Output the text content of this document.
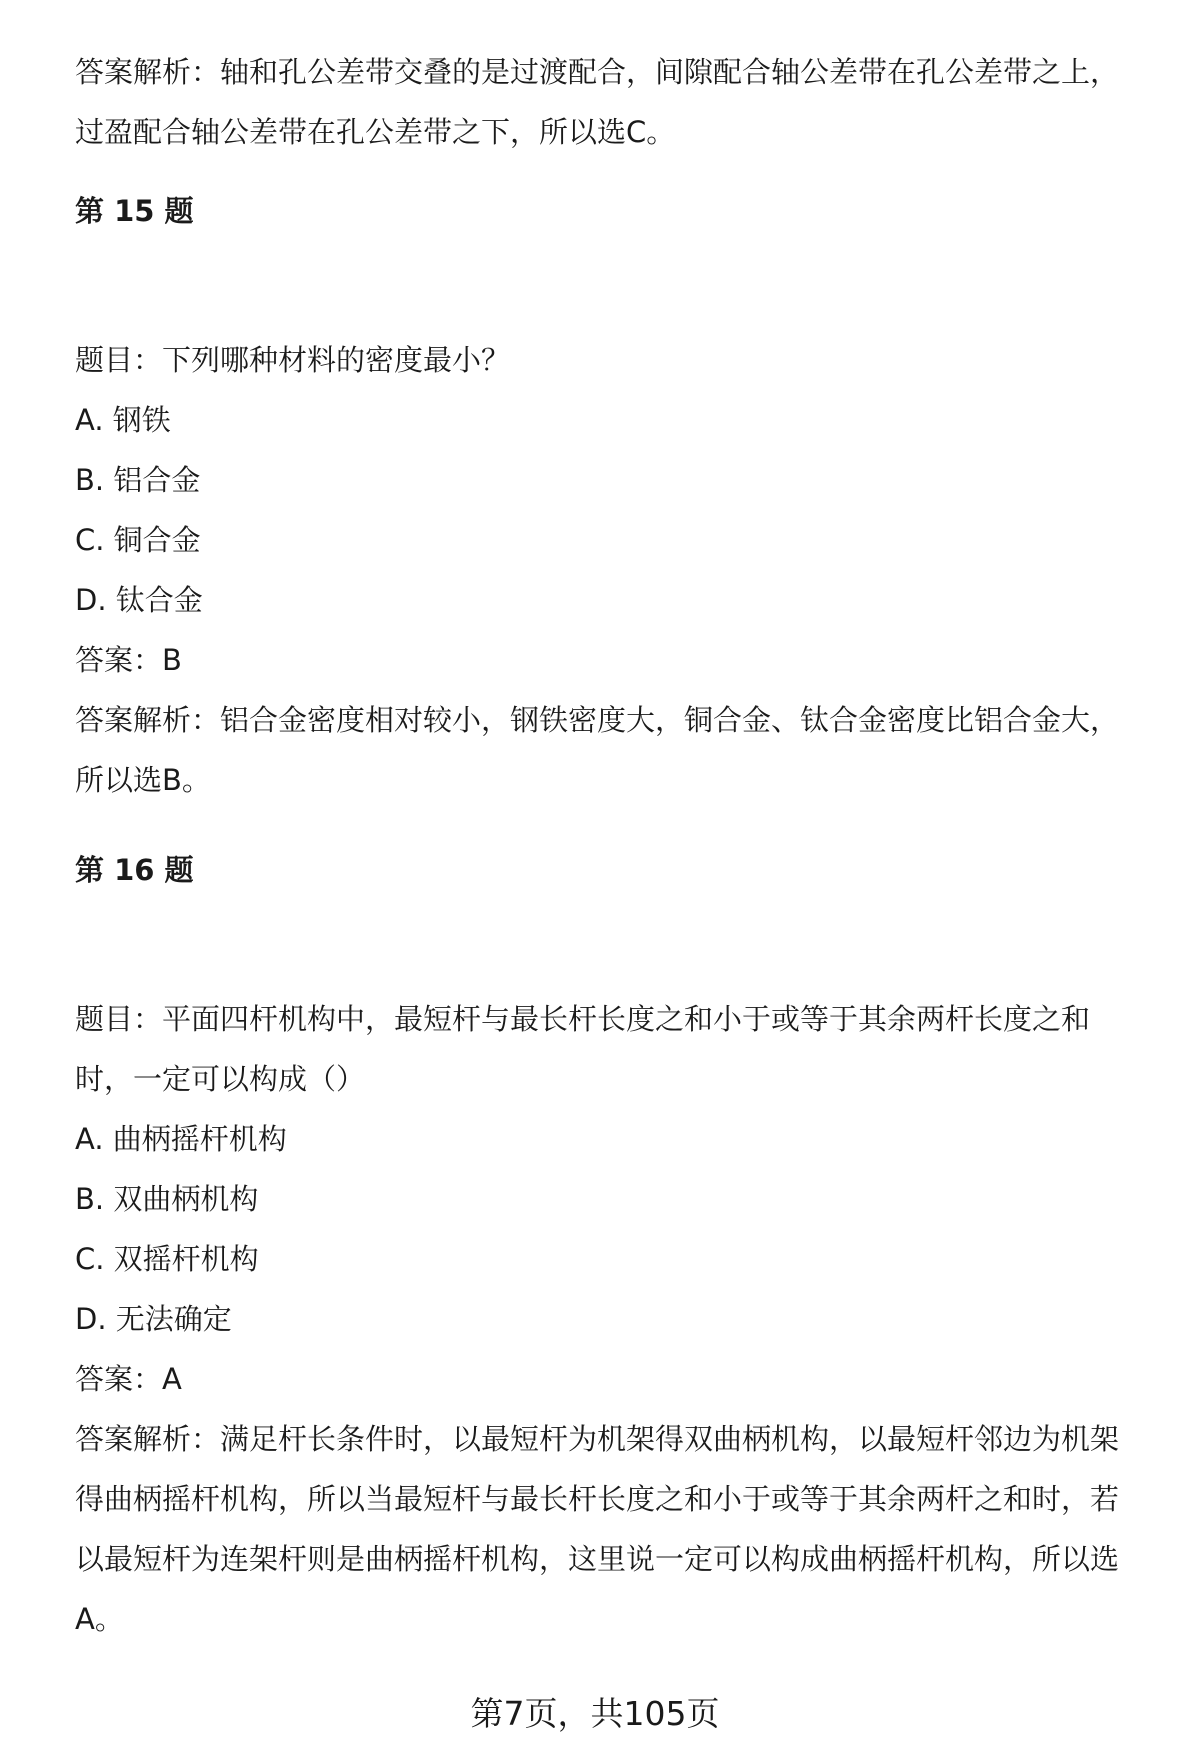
答案解析：轴和孔公差带交叠的是过渡配合，间隙配合轴公差带在孔公差带之上，

过盈配合轴公差带在孔公差带之下，所以选C。

第 15 题

题目：下列哪种材料的密度最小？

A. 钢铁

B. 铝合金

C. 铜合金

D. 钛合金

答案：B

答案解析：铝合金密度相对较小，钢铁密度大，铜合金、钛合金密度比铝合金大，

所以选B。

第 16 题

题目：平面四杆机构中，最短杆与最长杆长度之和小于或等于其余两杆长度之和

时，一定可以构成（）

A. 曲柄摇杆机构

B. 双曲柄机构

C. 双摇杆机构

D. 无法确定

答案：A

答案解析：满足杆长条件时，以最短杆为机架得双曲柄机构，以最短杆邻边为机架

得曲柄摇杆机构，所以当最短杆与最长杆长度之和小于或等于其余两杆之和时，若

以最短杆为连架杆则是曲柄摇杆机构，这里说一定可以构成曲柄摇杆机构，所以选

A。

第7页，共105页
